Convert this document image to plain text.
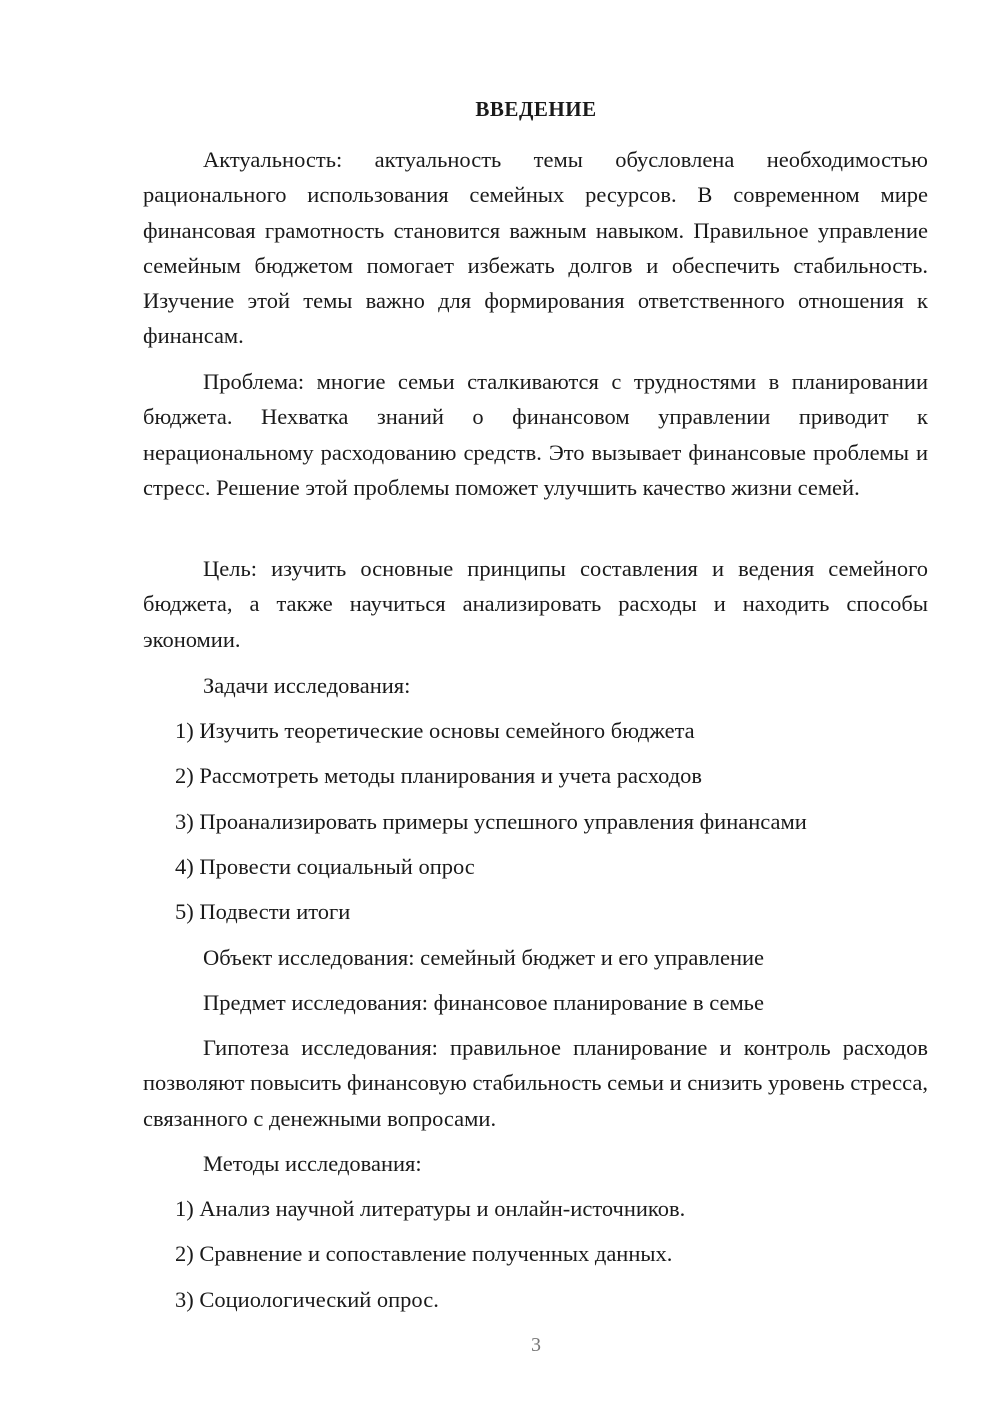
ВВЕДЕНИЕ
Актуальность: актуальность темы обусловлена необходимостью рационального использования семейных ресурсов. В современном мире финансовая грамотность становится важным навыком. Правильное управление семейным бюджетом помогает избежать долгов и обеспечить стабильность. Изучение этой темы важно для формирования ответственного отношения к финансам.
Проблема: многие семьи сталкиваются с трудностями в планировании бюджета. Нехватка знаний о финансовом управлении приводит к нерациональному расходованию средств. Это вызывает финансовые проблемы и стресс. Решение этой проблемы поможет улучшить качество жизни семей.
Цель: изучить основные принципы составления и ведения семейного бюджета, а также научиться анализировать расходы и находить способы экономии.
Задачи исследования:
1) Изучить теоретические основы семейного бюджета
2) Рассмотреть методы планирования и учета расходов
3) Проанализировать примеры успешного управления финансами
4) Провести социальный опрос
5) Подвести итоги
Объект исследования: семейный бюджет и его управление
Предмет исследования: финансовое планирование в семье
Гипотеза исследования: правильное планирование и контроль расходов позволяют повысить финансовую стабильность семьи и снизить уровень стресса, связанного с денежными вопросами.
Методы исследования:
1) Анализ научной литературы и онлайн-источников.
2) Сравнение и сопоставление полученных данных.
3) Социологический опрос.
3
